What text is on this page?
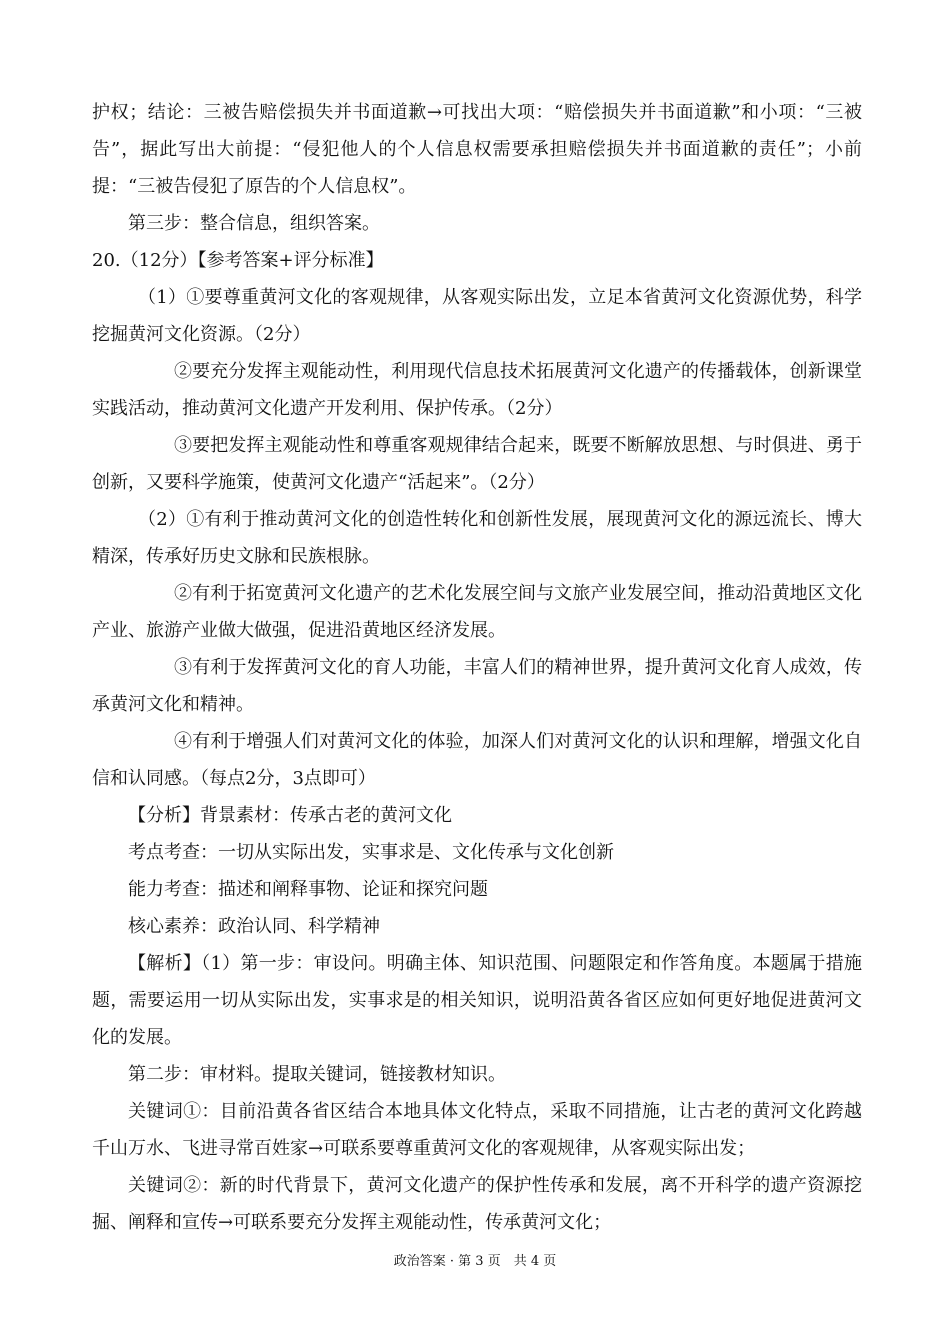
护权；结论：三被告赔偿损失并书面道歉→可找出大项：“赔偿损失并书面道歉”和小项：“三被告”，据此写出大前提：“侵犯他人的个人信息权需要承担赔偿损失并书面道歉的责任”；小前提：“三被告侵犯了原告的个人信息权”。

第三步：整合信息，组织答案。

20.（12分）【参考答案+评分标准】

（1）①要尊重黄河文化的客观规律，从客观实际出发，立足本省黄河文化资源优势，科学挖掘黄河文化资源。（2分）

②要充分发挥主观能动性，利用现代信息技术拓展黄河文化遗产的传播载体，创新课堂实践活动，推动黄河文化遗产开发利用、保护传承。（2分）

③要把发挥主观能动性和尊重客观规律结合起来，既要不断解放思想、与时俱进、勇于创新，又要科学施策，使黄河文化遗产“活起来”。（2分）

（2）①有利于推动黄河文化的创造性转化和创新性发展，展现黄河文化的源远流长、博大精深，传承好历史文脉和民族根脉。

②有利于拓宽黄河文化遗产的艺术化发展空间与文旅产业发展空间，推动沿黄地区文化产业、旅游产业做大做强，促进沿黄地区经济发展。

③有利于发挥黄河文化的育人功能，丰富人们的精神世界，提升黄河文化育人成效，传承黄河文化和精神。

④有利于增强人们对黄河文化的体验，加深人们对黄河文化的认识和理解，增强文化自信和认同感。（每点2分，3点即可）

【分析】背景素材：传承古老的黄河文化

考点考查：一切从实际出发，实事求是、文化传承与文化创新

能力考查：描述和阐释事物、论证和探究问题

核心素养：政治认同、科学精神

【解析】（1）第一步：审设问。明确主体、知识范围、问题限定和作答角度。本题属于措施题，需要运用一切从实际出发，实事求是的相关知识，说明沿黄各省区应如何更好地促进黄河文化的发展。

第二步：审材料。提取关键词，链接教材知识。

关键词①：目前沿黄各省区结合本地具体文化特点，采取不同措施，让古老的黄河文化跨越千山万水、飞进寻常百姓家→可联系要尊重黄河文化的客观规律，从客观实际出发；

关键词②：新的时代背景下，黄河文化遗产的保护性传承和发展，离不开科学的遗产资源挖掘、阐释和宣传→可联系要充分发挥主观能动性，传承黄河文化；

政治答案 · 第 3 页　共 4 页
